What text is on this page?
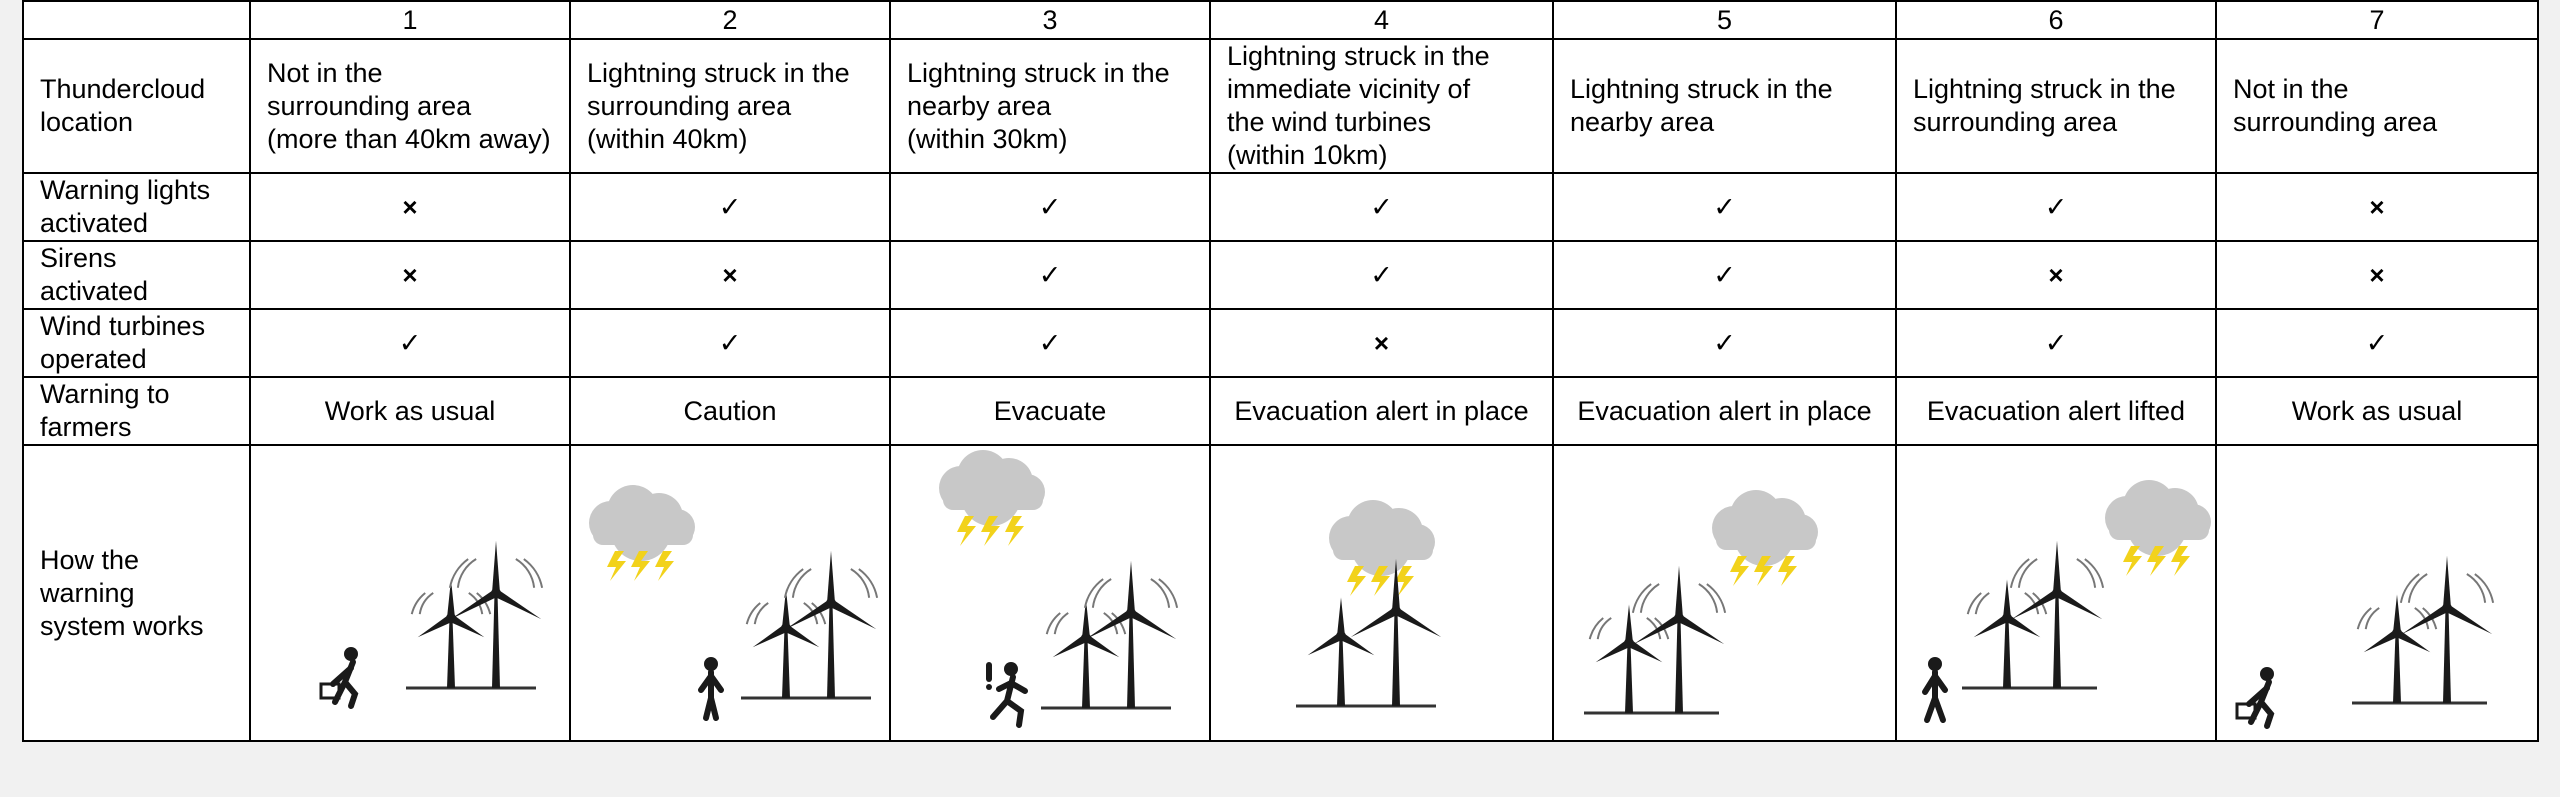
	1	2	3	4	5	6	7
Thundercloud location	Not in the
surrounding area
(more than 40km away)	Lightning struck in the
surrounding area
(within 40km)	Lightning struck in the
nearby area
(within 30km)	Lightning struck in the
immediate vicinity of
the wind turbines
(within 10km)	Lightning struck in the
nearby area	Lightning struck in the
surrounding area	Not in the
surrounding area

Warning lights
activated	×	✓	✓	✓	✓	✓	×

Sirens
activated	×	×	✓	✓	✓	×	×

Wind turbines
operated	✓	✓	✓	×	✓	✓	✓

Warning to
farmers	Work as usual	Caution	Evacuate	Evacuation alert in place	Evacuation alert in place	Evacuation alert lifted	Work as usual

How the
warning
system works
